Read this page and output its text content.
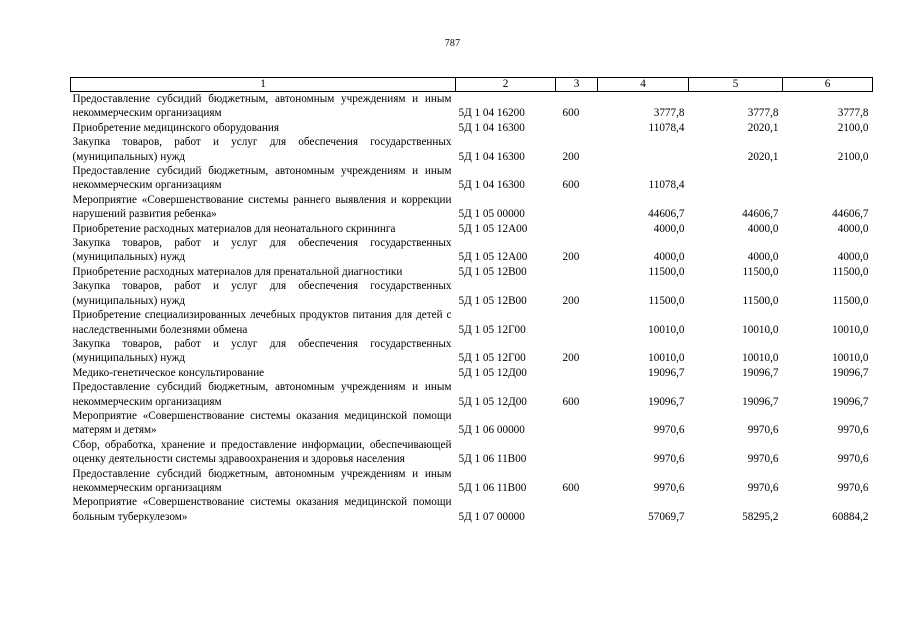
787
1	2	3	4	5	6
Предоставление субсидий бюджетным, автономным учреждениям и иным некоммерческим организациям	5Д 1 04 16200	600	3777,8	3777,8	3777,8
Приобретение медицинского оборудования	5Д 1 04 16300		11078,4	2020,1	2100,0
Закупка товаров, работ и услуг для обеспечения государственных (муниципальных) нужд	5Д 1 04 16300	200		2020,1	2100,0
Предоставление субсидий бюджетным, автономным учреждениям и иным некоммерческим организациям	5Д 1 04 16300	600	11078,4		
Мероприятие «Совершенствование системы раннего выявления и коррекции нарушений развития ребенка»	5Д 1 05 00000		44606,7	44606,7	44606,7
Приобретение расходных материалов для неонатального скрининга	5Д 1 05 12А00		4000,0	4000,0	4000,0
Закупка товаров, работ и услуг для обеспечения государственных (муниципальных) нужд	5Д 1 05 12А00	200	4000,0	4000,0	4000,0
Приобретение расходных материалов для пренатальной диагностики	5Д 1 05 12В00		11500,0	11500,0	11500,0
Закупка товаров, работ и услуг для обеспечения государственных (муниципальных) нужд	5Д 1 05 12В00	200	11500,0	11500,0	11500,0
Приобретение специализированных лечебных продуктов питания для детей с наследственными болезнями обмена	5Д 1 05 12Г00		10010,0	10010,0	10010,0
Закупка товаров, работ и услуг для обеспечения государственных (муниципальных) нужд	5Д 1 05 12Г00	200	10010,0	10010,0	10010,0
Медико-генетическое консультирование	5Д 1 05 12Д00		19096,7	19096,7	19096,7
Предоставление субсидий бюджетным, автономным учреждениям и иным некоммерческим организациям	5Д 1 05 12Д00	600	19096,7	19096,7	19096,7
Мероприятие «Совершенствование системы оказания медицинской помощи матерям и детям»	5Д 1 06 00000		9970,6	9970,6	9970,6
Сбор, обработка, хранение и предоставление информации, обеспечивающей оценку деятельности системы здравоохранения и здоровья населения	5Д 1 06 11В00		9970,6	9970,6	9970,6
Предоставление субсидий бюджетным, автономным учреждениям и иным некоммерческим организациям	5Д 1 06 11В00	600	9970,6	9970,6	9970,6
Мероприятие «Совершенствование системы оказания медицинской помощи больным туберкулезом»	5Д 1 07 00000		57069,7	58295,2	60884,2
